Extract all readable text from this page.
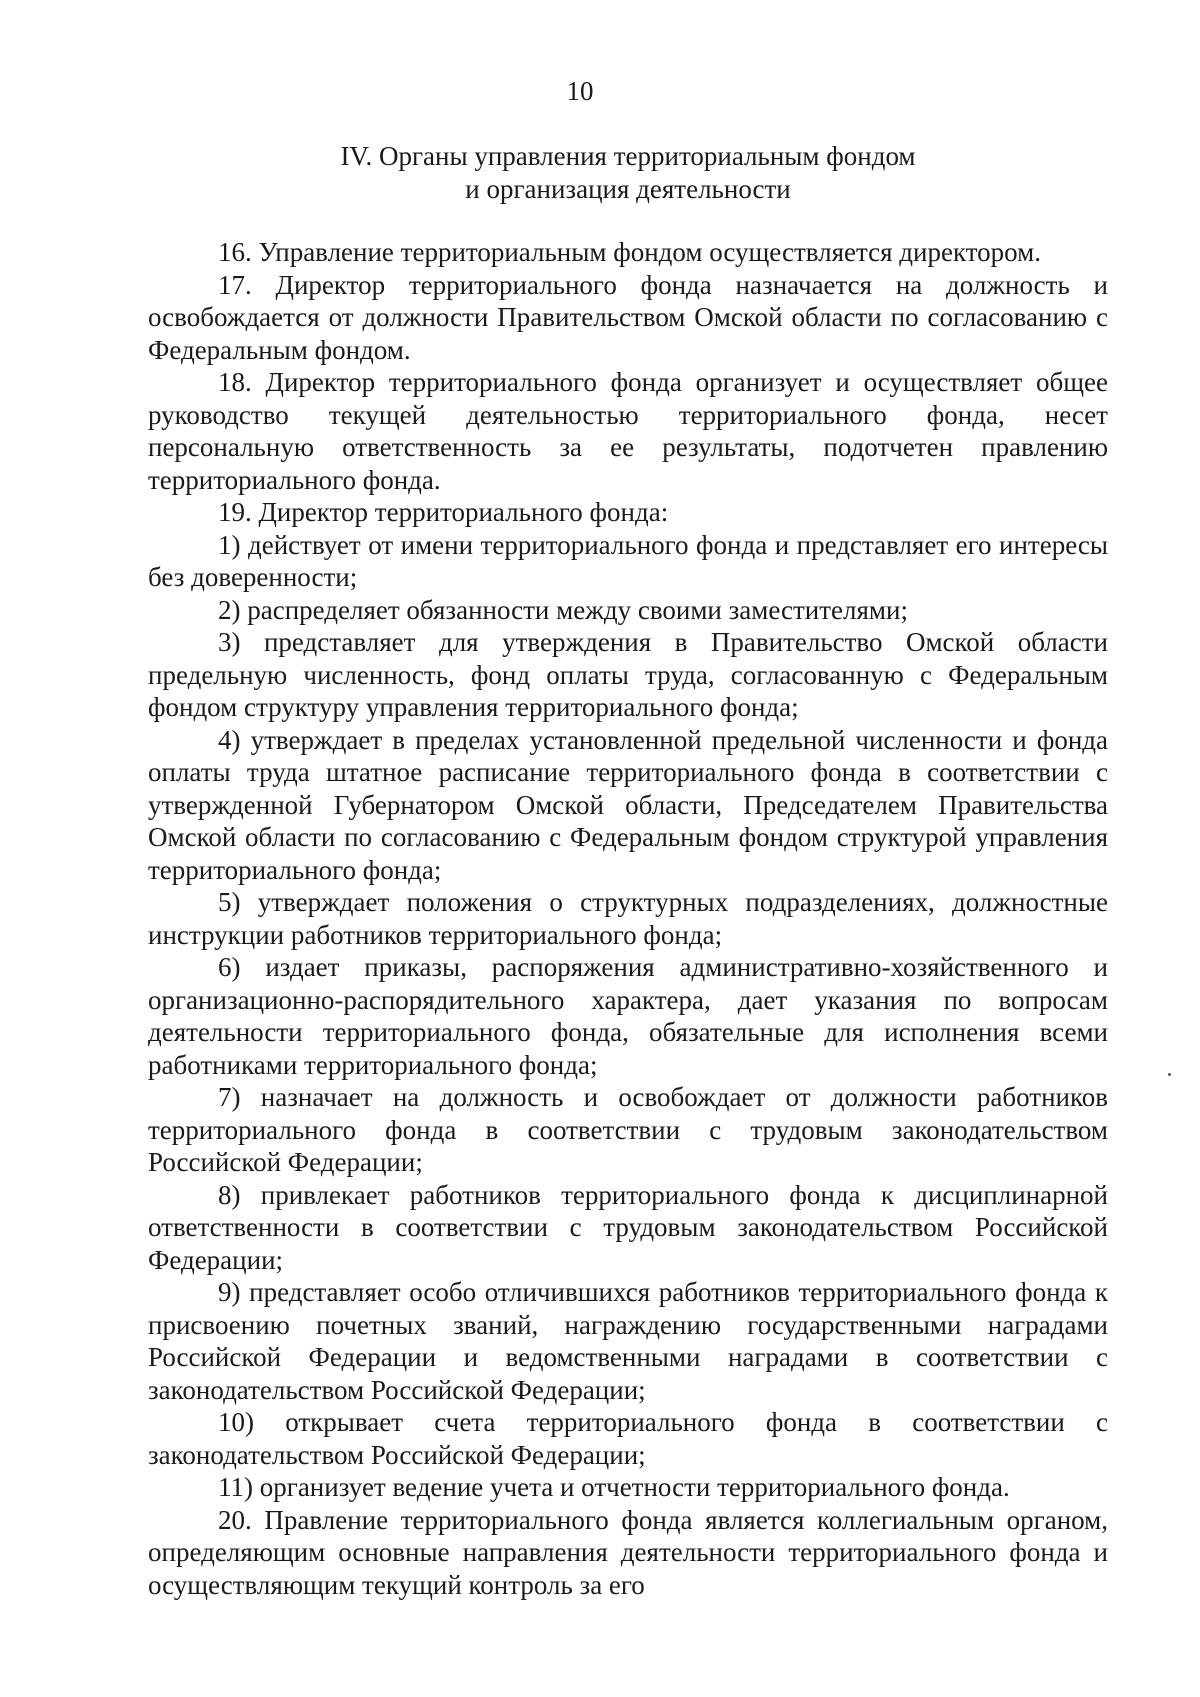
10
IV. Органы управления территориальным фондом
и организация деятельности

16. Управление территориальным фондом осуществляется директором.

17. Директор территориального фонда назначается на должность и освобождается от должности Правительством Омской области по согласованию с Федеральным фондом.

18. Директор территориального фонда организует и осуществляет общее руководство текущей деятельностью территориального фонда, несет персональную ответственность за ее результаты, подотчетен правлению территориального фонда.

19. Директор территориального фонда:

1) действует от имени территориального фонда и представляет его интересы без доверенности;

2) распределяет обязанности между своими заместителями;

3) представляет для утверждения в Правительство Омской области предельную численность, фонд оплаты труда, согласованную с Федеральным фондом структуру управления территориального фонда;

4) утверждает в пределах установленной предельной численности и фонда оплаты труда штатное расписание территориального фонда в соответствии с утвержденной Губернатором Омской области, Председателем Правительства Омской области по согласованию с Федеральным фондом структурой управления территориального фонда;

5) утверждает положения о структурных подразделениях, должностные инструкции работников территориального фонда;

6) издает приказы, распоряжения административно-хозяйственного и организационно-распорядительного характера, дает указания по вопросам деятельности территориального фонда, обязательные для исполнения всеми работниками территориального фонда;

7) назначает на должность и освобождает от должности работников территориального фонда в соответствии с трудовым законодательством Российской Федерации;

8) привлекает работников территориального фонда к дисциплинарной ответственности в соответствии с трудовым законодательством Российской Федерации;

9) представляет особо отличившихся работников территориального фонда к присвоению почетных званий, награждению государственными наградами Российской Федерации и ведомственными наградами в соответствии с законодательством Российской Федерации;

10) открывает счета территориального фонда в соответствии с законодательством Российской Федерации;

11) организует ведение учета и отчетности территориального фонда.

20. Правление территориального фонда является коллегиальным органом, определяющим основные направления деятельности территориального фонда и осуществляющим текущий контроль за его
